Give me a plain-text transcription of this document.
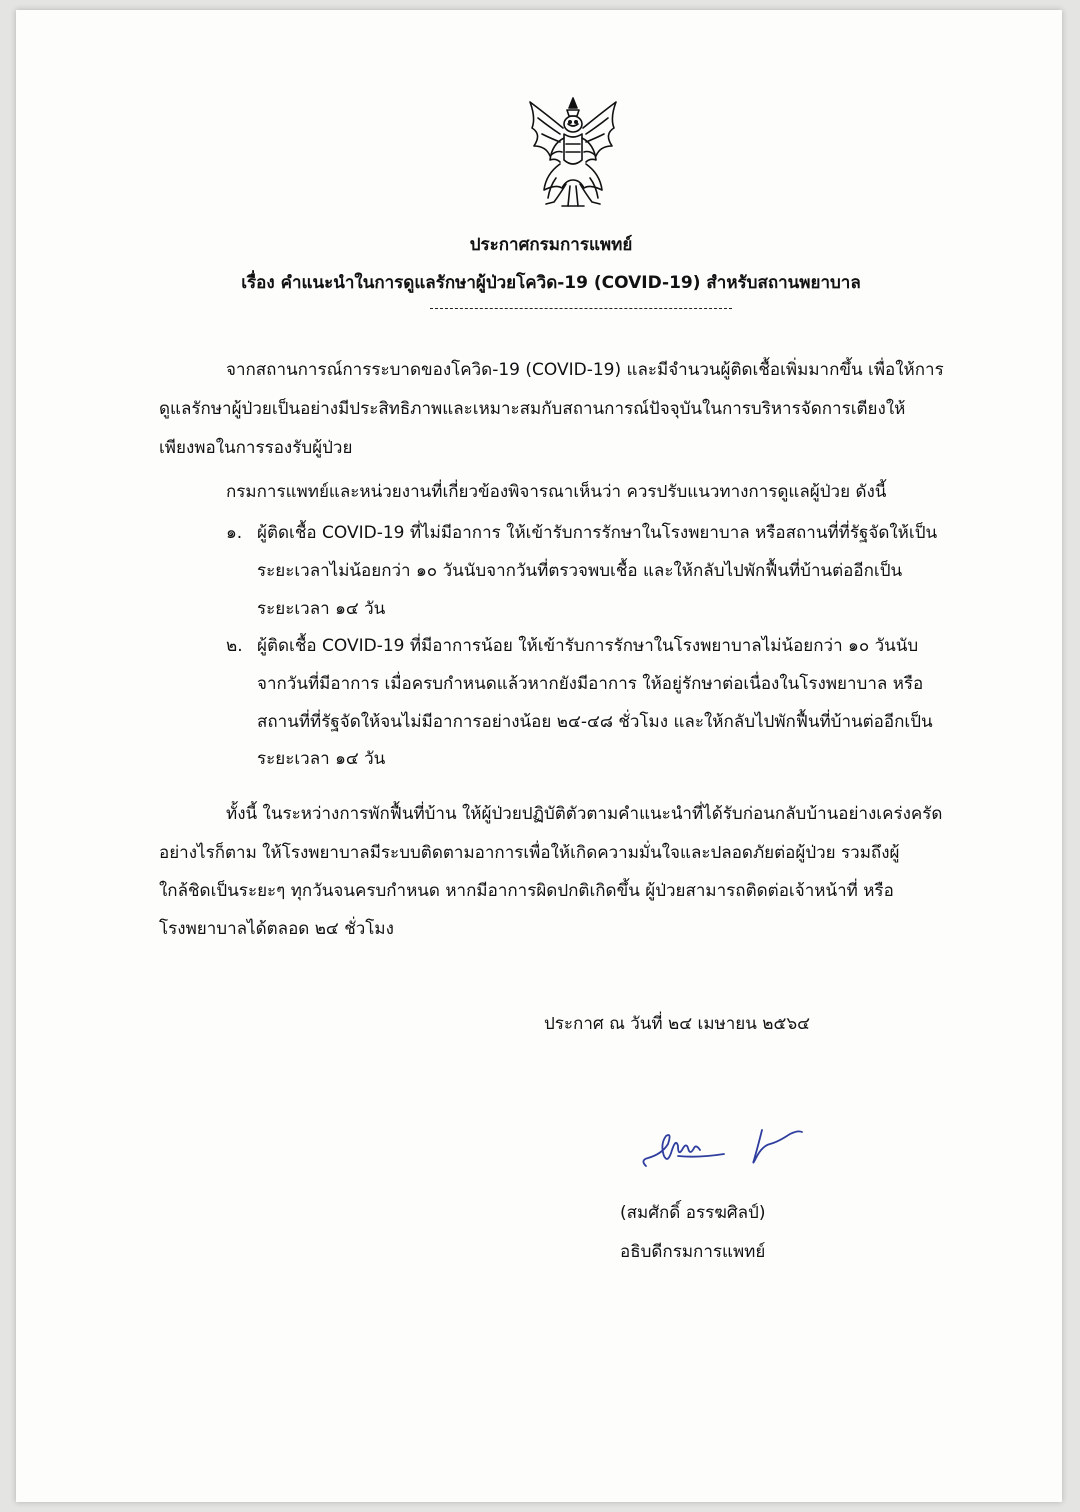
ประกาศกรมการแพทย์
เรื่อง คำแนะนำในการดูแลรักษาผู้ป่วยโควิด-19 (COVID-19) สำหรับสถานพยาบาล
จากสถานการณ์การระบาดของโควิด-19 (COVID-19) และมีจำนวนผู้ติดเชื้อเพิ่มมากขึ้น เพื่อให้การ
ดูแลรักษาผู้ป่วยเป็นอย่างมีประสิทธิภาพและเหมาะสมกับสถานการณ์ปัจจุบันในการบริหารจัดการเตียงให้
เพียงพอในการรองรับผู้ป่วย
กรมการแพทย์และหน่วยงานที่เกี่ยวข้องพิจารณาเห็นว่า ควรปรับแนวทางการดูแลผู้ป่วย ดังนี้
๑. ผู้ติดเชื้อ COVID-19 ที่ไม่มีอาการ ให้เข้ารับการรักษาในโรงพยาบาล หรือสถานที่ที่รัฐจัดให้เป็น
ระยะเวลาไม่น้อยกว่า ๑๐ วันนับจากวันที่ตรวจพบเชื้อ และให้กลับไปพักฟื้นที่บ้านต่ออีกเป็น
ระยะเวลา ๑๔ วัน
๒. ผู้ติดเชื้อ COVID-19 ที่มีอาการน้อย ให้เข้ารับการรักษาในโรงพยาบาลไม่น้อยกว่า ๑๐ วันนับ
จากวันที่มีอาการ เมื่อครบกำหนดแล้วหากยังมีอาการ ให้อยู่รักษาต่อเนื่องในโรงพยาบาล หรือ
สถานที่ที่รัฐจัดให้จนไม่มีอาการอย่างน้อย ๒๔-๔๘ ชั่วโมง และให้กลับไปพักฟื้นที่บ้านต่ออีกเป็น
ระยะเวลา ๑๔ วัน
ทั้งนี้ ในระหว่างการพักฟื้นที่บ้าน ให้ผู้ป่วยปฏิบัติตัวตามคำแนะนำที่ได้รับก่อนกลับบ้านอย่างเคร่งครัด
อย่างไรก็ตาม ให้โรงพยาบาลมีระบบติดตามอาการเพื่อให้เกิดความมั่นใจและปลอดภัยต่อผู้ป่วย รวมถึงผู้
ใกล้ชิดเป็นระยะๆ ทุกวันจนครบกำหนด หากมีอาการผิดปกติเกิดขึ้น ผู้ป่วยสามารถติดต่อเจ้าหน้าที่ หรือ
โรงพยาบาลได้ตลอด ๒๔ ชั่วโมง
ประกาศ ณ วันที่ ๒๔ เมษายน ๒๕๖๔
(สมศักดิ์ อรรฆศิลป์)
อธิบดีกรมการแพทย์
